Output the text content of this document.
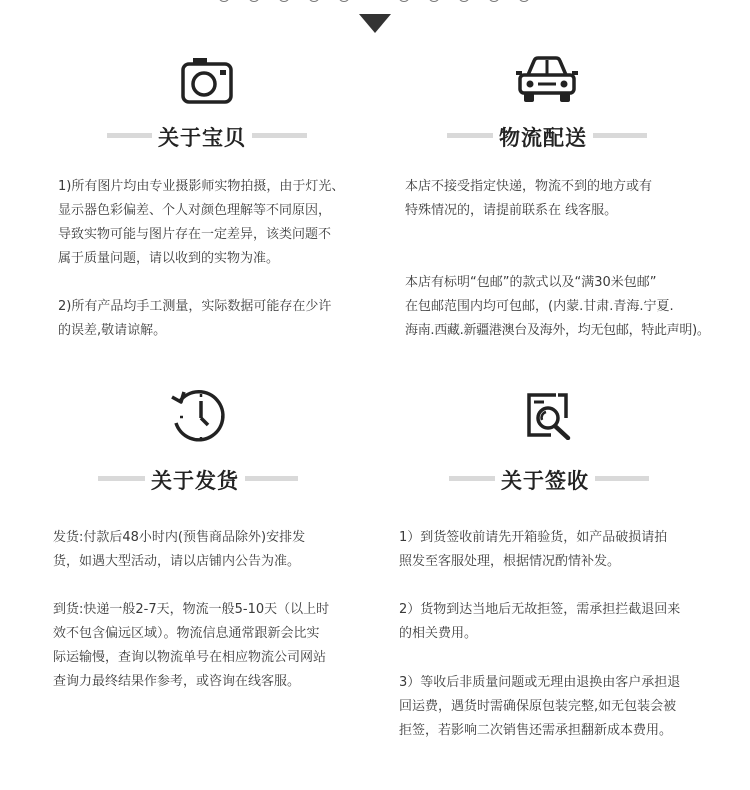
关于宝贝
1)所有图片均由专业摄影师实物拍摄，由于灯光、
显示器色彩偏差、个人对颜色理解等不同原因，
导致实物可能与图片存在一定差异，该类问题不
属于质量问题，请以收到的实物为准。
2)所有产品均手工测量，实际数据可能存在少许
的误差,敬请谅解。
物流配送
本店不接受指定快递，物流不到的地方或有
特殊情况的，请提前联系在 线客服。
本店有标明“包邮”的款式以及“满30米包邮”
在包邮范围内均可包邮，(内蒙.甘肃.青海.宁夏.
海南.西藏.新疆港澳台及海外，均无包邮，特此声明)。
关于发货
发货:付款后48小时内(预售商品除外)安排发
货，如遇大型活动，请以店铺内公告为准。
到货:快递一般2-7天，物流一般5-10天（以上时
效不包含偏远区域）。物流信息通常跟新会比实
际运输慢，查询以物流单号在相应物流公司网站
查询力最终结果作参考，或咨询在线客服。
关于签收
1）到货签收前请先开箱验货，如产品破损请拍
照发至客服处理，根据情况酌情补发。
2）货物到达当地后无故拒签，需承担拦截退回来
的相关费用。
3）等收后非质量问题或无理由退换由客户承担退
回运费，遇货时需确保原包装完整,如无包装会被
拒签，若影响二次销售还需承担翻新成本费用。
